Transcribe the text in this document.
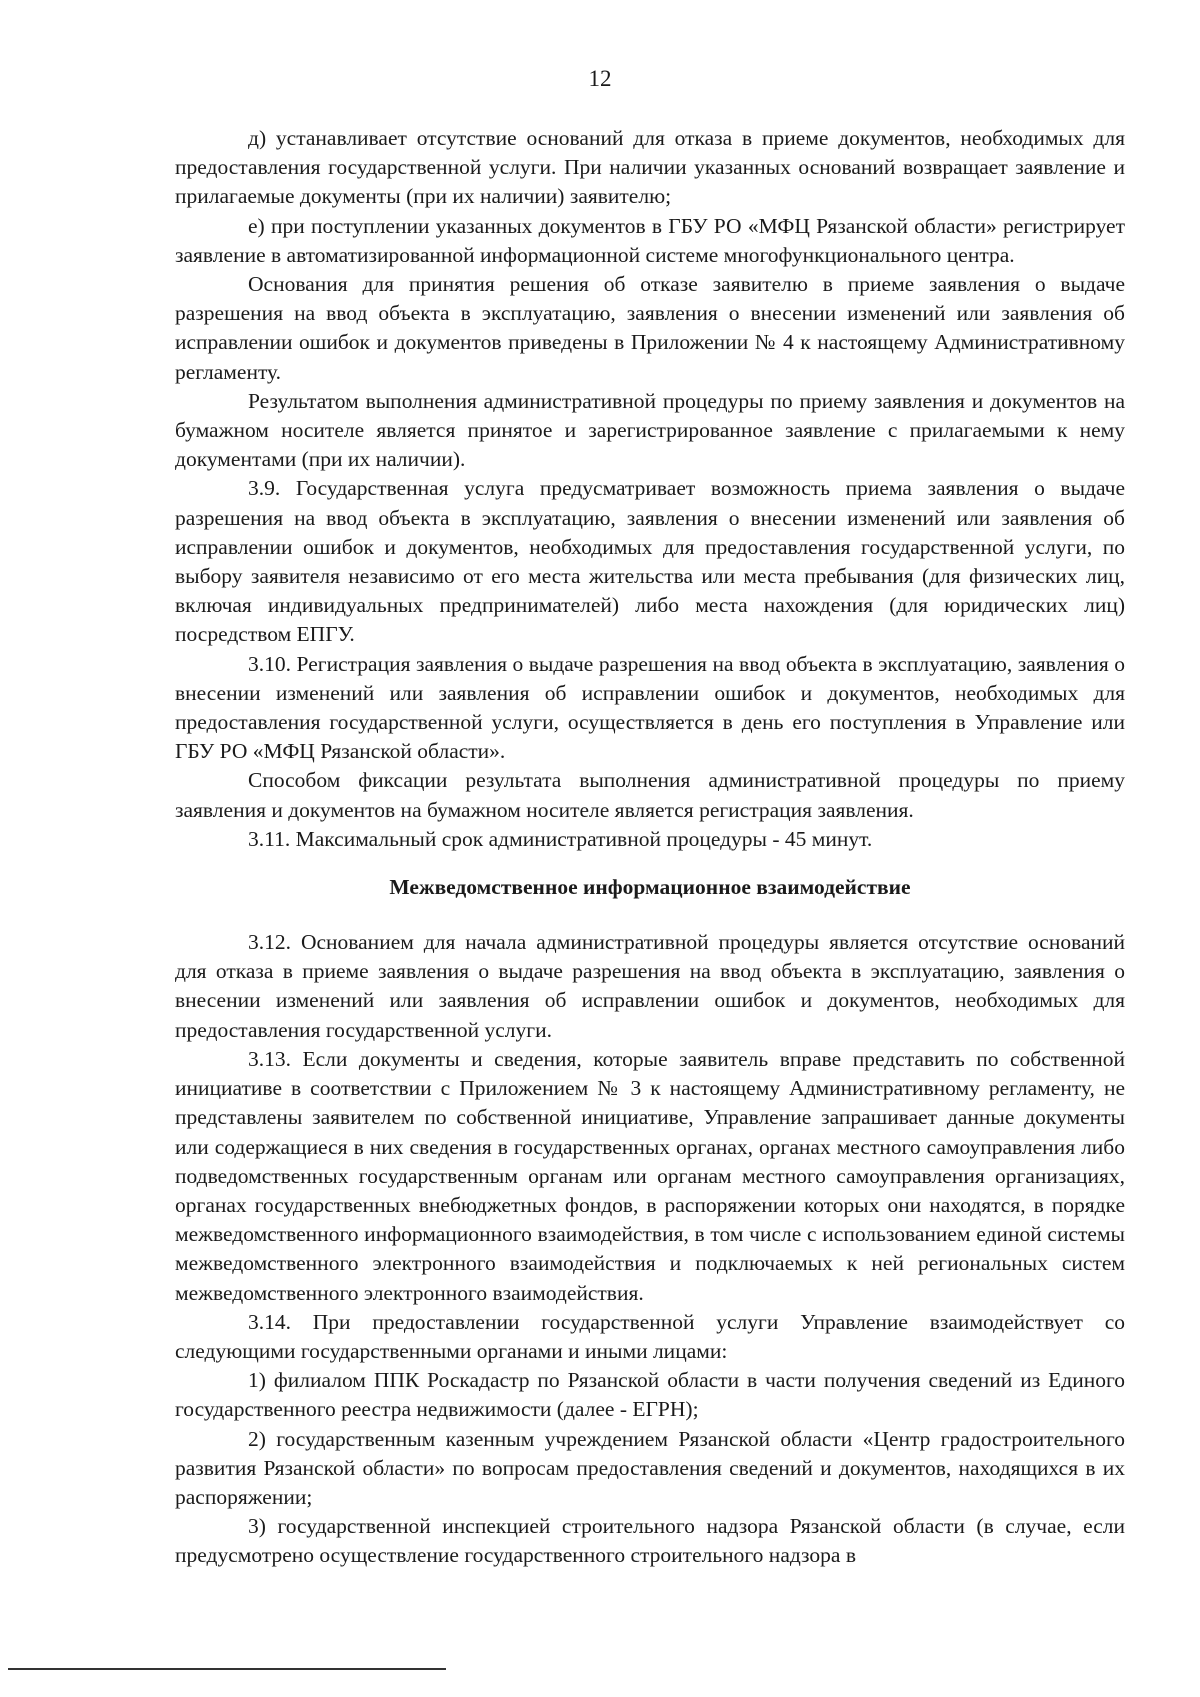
12

д) устанавливает отсутствие оснований для отказа в приеме документов, необходимых для предоставления государственной услуги. При наличии указанных оснований возвращает заявление и прилагаемые документы (при их наличии) заявителю;

е) при поступлении указанных документов в ГБУ РО «МФЦ Рязанской области» регистрирует заявление в автоматизированной информационной системе многофункционального центра.

Основания для принятия решения об отказе заявителю в приеме заявления о выдаче разрешения на ввод объекта в эксплуатацию, заявления о внесении изменений или заявления об исправлении ошибок и документов приведены в Приложении № 4 к настоящему Административному регламенту.

Результатом выполнения административной процедуры по приему заявления и документов на бумажном носителе является принятое и зарегистрированное заявление с прилагаемыми к нему документами (при их наличии).

3.9. Государственная услуга предусматривает возможность приема заявления о выдаче разрешения на ввод объекта в эксплуатацию, заявления о внесении изменений или заявления об исправлении ошибок и документов, необходимых для предоставления государственной услуги, по выбору заявителя независимо от его места жительства или места пребывания (для физических лиц, включая индивидуальных предпринимателей) либо места нахождения (для юридических лиц) посредством ЕПГУ.

3.10. Регистрация заявления о выдаче разрешения на ввод объекта в эксплуатацию, заявления о внесении изменений или заявления об исправлении ошибок и документов, необходимых для предоставления государственной услуги, осуществляется в день его поступления в Управление или ГБУ РО «МФЦ Рязанской области».

Способом фиксации результата выполнения административной процедуры по приему заявления и документов на бумажном носителе является регистрация заявления.

3.11. Максимальный срок административной процедуры - 45 минут.

Межведомственное информационное взаимодействие

3.12. Основанием для начала административной процедуры является отсутствие оснований для отказа в приеме заявления о выдаче разрешения на ввод объекта в эксплуатацию, заявления о внесении изменений или заявления об исправлении ошибок и документов, необходимых для предоставления государственной услуги.

3.13. Если документы и сведения, которые заявитель вправе представить по собственной инициативе в соответствии с Приложением № 3 к настоящему Административному регламенту, не представлены заявителем по собственной инициативе, Управление запрашивает данные документы или содержащиеся в них сведения в государственных органах, органах местного самоуправления либо подведомственных государственным органам или органам местного самоуправления организациях, органах государственных внебюджетных фондов, в распоряжении которых они находятся, в порядке межведомственного информационного взаимодействия, в том числе с использованием единой системы межведомственного электронного взаимодействия и подключаемых к ней региональных систем межведомственного электронного взаимодействия.

3.14. При предоставлении государственной услуги Управление взаимодействует со следующими государственными органами и иными лицами:

1) филиалом ППК Роскадастр по Рязанской области в части получения сведений из Единого государственного реестра недвижимости (далее - ЕГРН);

2) государственным казенным учреждением Рязанской области «Центр градостроительного развития Рязанской области» по вопросам предоставления сведений и документов, находящихся в их распоряжении;

3) государственной инспекцией строительного надзора Рязанской области (в случае, если предусмотрено осуществление государственного строительного надзора в
